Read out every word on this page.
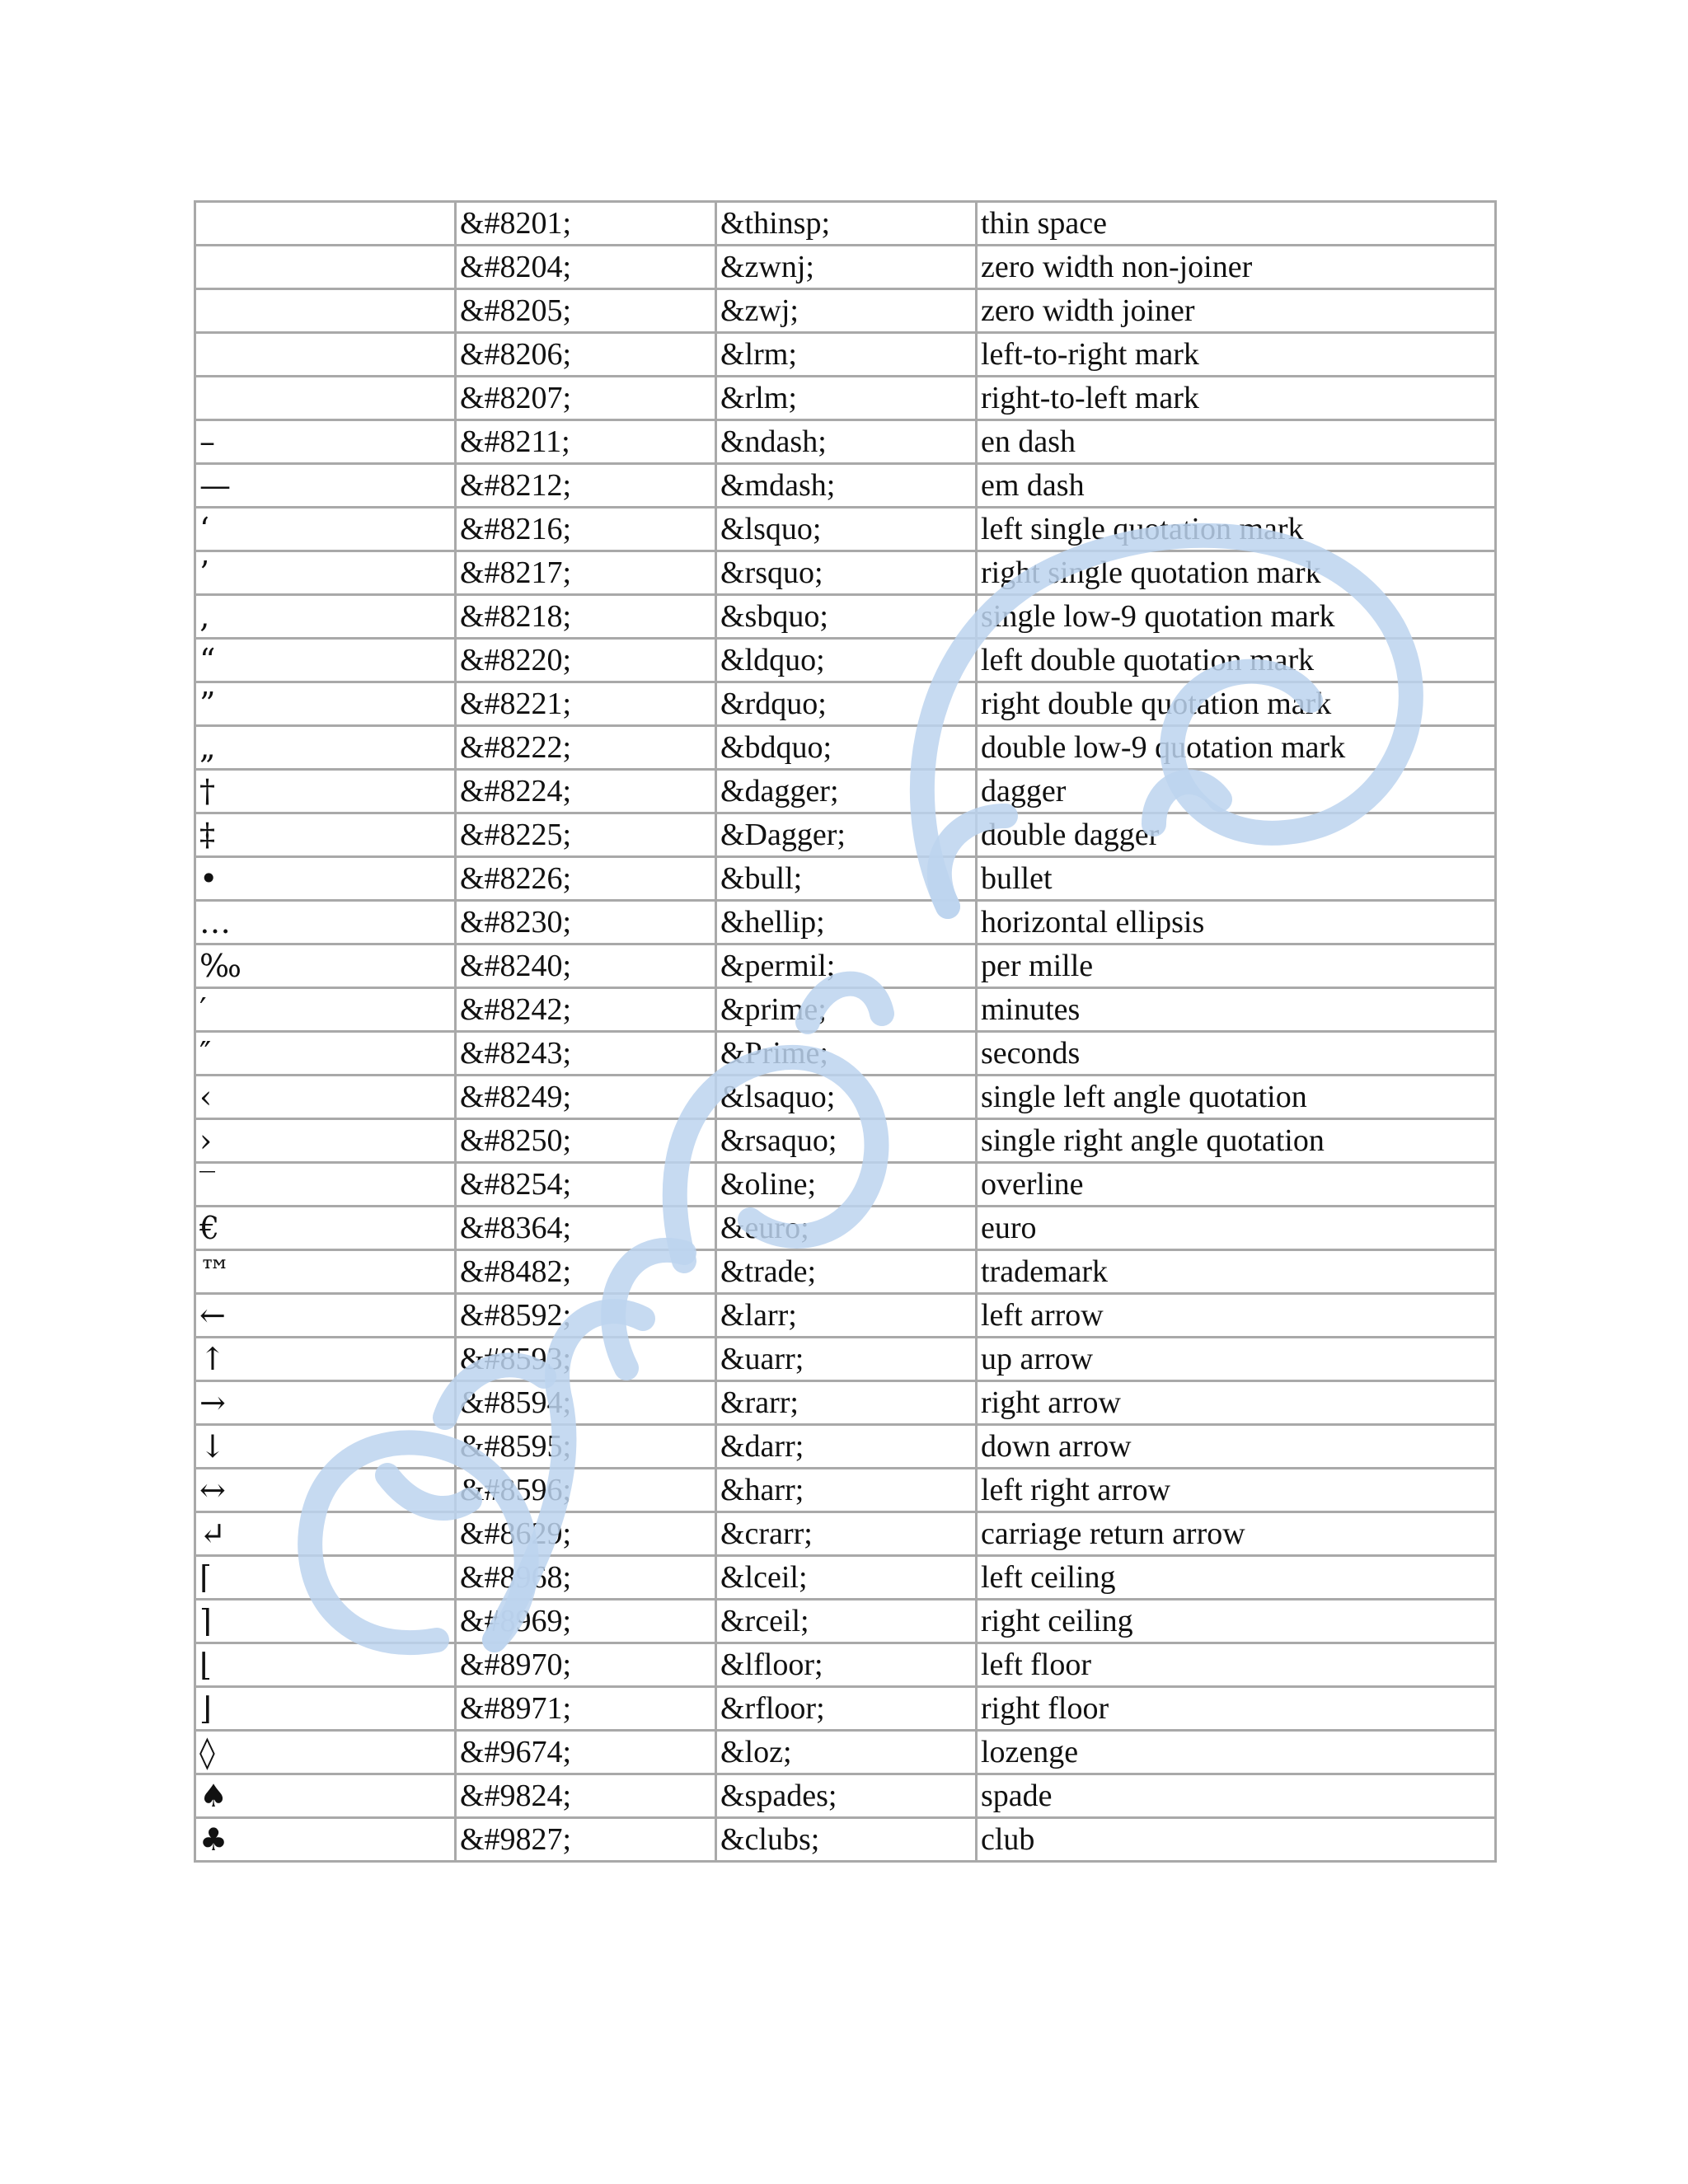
	&#8201;	&thinsp;	thin space
	&#8204;	&zwnj;	zero width non-joiner
	&#8205;	&zwj;	zero width joiner
	&#8206;	&lrm;	left-to-right mark
	&#8207;	&rlm;	right-to-left mark
–	&#8211;	&ndash;	en dash
—	&#8212;	&mdash;	em dash
‘	&#8216;	&lsquo;	left single quotation mark
’	&#8217;	&rsquo;	right single quotation mark
‚	&#8218;	&sbquo;	single low-9 quotation mark
“	&#8220;	&ldquo;	left double quotation mark
”	&#8221;	&rdquo;	right double quotation mark
„	&#8222;	&bdquo;	double low-9 quotation mark
†	&#8224;	&dagger;	dagger
‡	&#8225;	&Dagger;	double dagger
•	&#8226;	&bull;	bullet
…	&#8230;	&hellip;	horizontal ellipsis
‰	&#8240;	&permil;	per mille
′	&#8242;	&prime;	minutes
″	&#8243;	&Prime;	seconds
‹	&#8249;	&lsaquo;	single left angle quotation
›	&#8250;	&rsaquo;	single right angle quotation
‾	&#8254;	&oline;	overline
€	&#8364;	&euro;	euro
™	&#8482;	&trade;	trademark
←	&#8592;	&larr;	left arrow
↑	&#8593;	&uarr;	up arrow
→	&#8594;	&rarr;	right arrow
↓	&#8595;	&darr;	down arrow
↔	&#8596;	&harr;	left right arrow
↵	&#8629;	&crarr;	carriage return arrow
⌈	&#8968;	&lceil;	left ceiling
⌉	&#8969;	&rceil;	right ceiling
⌊	&#8970;	&lfloor;	left floor
⌋	&#8971;	&rfloor;	right floor
◊	&#9674;	&loz;	lozenge
♠	&#9824;	&spades;	spade
♣	&#9827;	&clubs;	club
